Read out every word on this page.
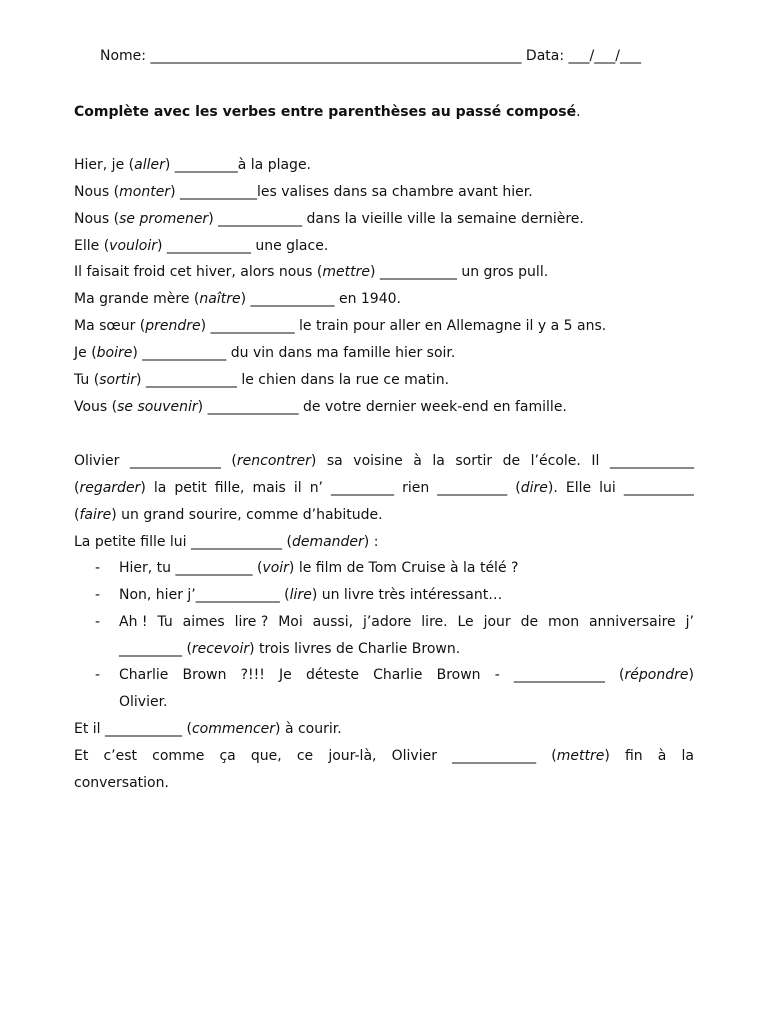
Nome: _____________________________________________________ Data: ___/___/___
Complète avec les verbes entre parenthèses au passé composé.
Hier, je (aller) _________à la plage.
Nous (monter) ___________les valises dans sa chambre avant hier.
Nous (se promener) ____________ dans la vieille ville la semaine dernière.
Elle (vouloir) ____________ une glace.
Il faisait froid cet hiver, alors nous (mettre) ___________ un gros pull.
Ma grande mère (naître) ____________ en 1940.
Ma sœur (prendre) ____________ le train pour aller en Allemagne il y a 5 ans.
Je (boire) ____________ du vin dans ma famille hier soir.
Tu (sortir) _____________ le chien dans la rue ce matin.
Vous (se souvenir) _____________ de votre dernier week-end en famille.
Olivier _____________ (rencontrer) sa voisine à la sortir de l’école. Il ____________
(regarder) la petit fille, mais il n’ _________ rien __________ (dire). Elle lui __________
(faire) un grand sourire, comme d’habitude.
La petite fille lui _____________ (demander) :
- Hier, tu ___________ (voir) le film de Tom Cruise à la télé ?
- Non, hier j’____________ (lire) un livre très intéressant…
- Ah ! Tu aimes lire ? Moi aussi, j’adore lire. Le jour de mon anniversaire j’
_________ (recevoir) trois livres de Charlie Brown.
- Charlie Brown ?!!! Je déteste Charlie Brown - _____________ (répondre)
Olivier.
Et il ___________ (commencer) à courir.
Et c’est comme ça que, ce jour-là, Olivier ____________ (mettre) fin à la
conversation.
